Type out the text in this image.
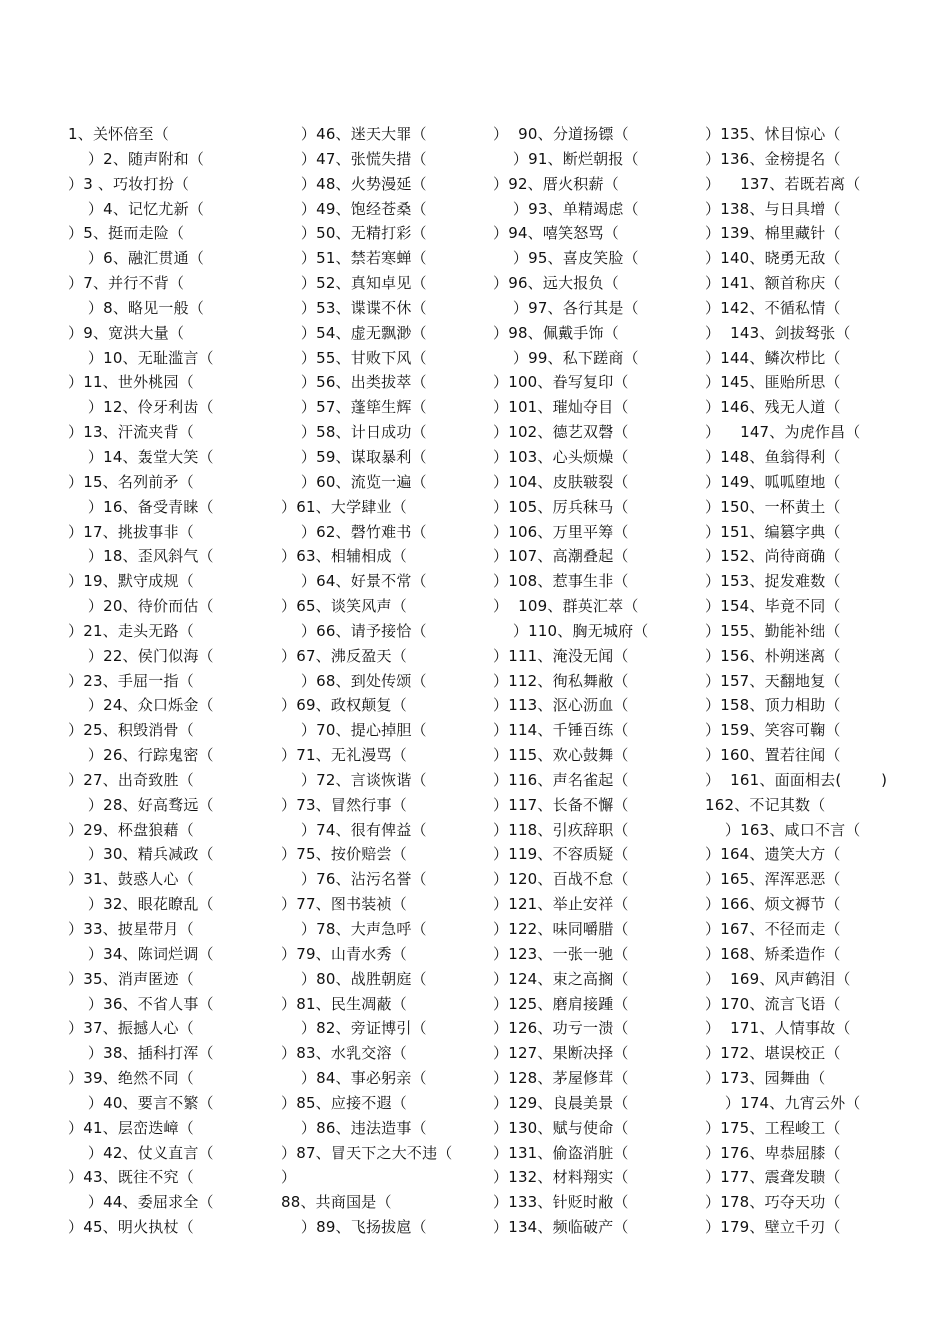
1、关怀倍至（
）2、随声附和（
）3 、巧妆打扮（
）4、记忆尤新（
）5、挺而走险（
）6、融汇贯通（
）7、并行不背（
）8、略见一般（
）9、宽洪大量（
）10、无耻滥言（
）11、世外桃园（
）12、伶牙利齿（
）13、汗流夹背（
）14、轰堂大笑（
）15、名列前矛（
）16、备受青睐（
）17、挑拔事非（
）18、歪风斜气（
）19、默守成规（
）20、待价而估（
）21、走头无路（
）22、侯门似海（
）23、手屈一指（
）24、众口烁金（
）25、积毁消骨（
）26、行踪鬼密（
）27、出奇致胜（
）28、好高骛远（
）29、杯盘狼藉（
）30、精兵减政（
）31、鼓惑人心（
）32、眼花瞭乱（
）33、披星带月（
）34、陈词烂调（
）35、消声匿迹（
）36、不省人事（
）37、振撼人心（
）38、插科打浑（
）39、绝然不同（
）40、要言不繁（
）41、层峦迭嶂（
）42、仗义直言（
）43、既往不究（
）44、委屈求全（
）45、明火执杖（
）46、迷天大罪（
）47、张慌失措（
）48、火势漫延（
）49、饱经苍桑（
）50、无精打彩（
）51、禁若寒蝉（
）52、真知卓见（
）53、谍谍不休（
）54、虚无飘渺（
）55、甘败下风（
）56、出类拔萃（
）57、蓬筚生辉（
）58、计日成功（
）59、谋取暴利（
）60、流览一遍（
）61、大学肆业（
）62、磬竹难书（
）63、相辅相成（
）64、好景不常（
）65、谈笑风声（
）66、请予接恰（
）67、沸反盈天（
）68、到处传颂（
）69、政权颠复（
）70、提心掉胆（
）71、无礼漫骂（
）72、言谈恢谐（
）73、冒然行事（
）74、很有俾益（
）75、按价赔尝（
）76、沾污名誉（
）77、图书装祯（
）78、大声急呼（
）79、山青水秀（
）80、战胜朝庭（
）81、民生凋蔽（
）82、旁证博引（
）83、水乳交溶（
）84、事必躬亲（
）85、应接不遐（
）86、违法造事（
）87、冒天下之大不违（
）
88、共商国是（
）89、飞扬拔扈（
）  90、分道扬镖（
）91、断烂朝报（
）92、厝火积薪（
）93、单精竭虑（
）94、嘻笑怒骂（
）95、喜皮笑脸（
）96、远大报负（
）97、各行其是（
）98、佩戴手饰（
）99、私下蹉商（
）100、眷写复印（
）101、璀灿夺目（
）102、德艺双磬（
）103、心头烦燥（
）104、皮肤皲裂（
）105、厉兵秣马（
）106、万里平筹（
）107、高潮叠起（
）108、惹事生非（
）  109、群英汇萃（
）110、胸无城府（
）111、淹没无闻（
）112、徇私舞敝（
）113、沤心沥血（
）114、千锤百练（
）115、欢心鼓舞（
）116、声名雀起（
）117、长备不懈（
）118、引疚辞职（
）119、不容质疑（
）120、百战不怠（
）121、举止安祥（
）122、味同嚼腊（
）123、一张一驰（
）124、束之高搁（
）125、磨肩接踵（
）126、功亏一溃（
）127、果断决择（
）128、茅屋修茸（
）129、良晨美景（
）130、赋与使命（
）131、偷盗消脏（
）132、材料翔实（
）133、针贬时敝（
）134、频临破产（
）135、怵目惊心（
）136、金榜提名（
）    137、若既若离（
）138、与日具增（
）139、棉里藏针（
）140、晓勇无敌（
）141、额首称庆（
）142、不循私情（
）  143、剑拔驽张（
）144、鳞次栉比（
）145、匪贻所思（
）146、残无人道（
）    147、为虎作昌（
）148、鱼翁得利（
）149、呱呱堕地（
）150、一杯黄土（
）151、编篡字典（
）152、尚待商确（
）153、捉发难数（
）154、毕竟不同（
）155、勤能补绌（
）156、朴朔迷离（
）157、天翻地复（
）158、顶力相助（
）159、笑容可鞠（
）160、置若往闻（
）  161、面面相去(        )
162、不记其数（
）163、咸口不言（
）164、遗笑大方（
）165、浑浑恶恶（
）166、烦文褥节（
）167、不径而走（
）168、矫柔造作（
）  169、风声鹤泪（
）170、流言飞语（
）  171、人情事故（
）172、堪误校正（
）173、园舞曲（
）174、九宵云外（
）175、工程峻工（
）176、卑恭屈膝（
）177、震聋发聩（
）178、巧夺天功（
）179、壁立千刃（
